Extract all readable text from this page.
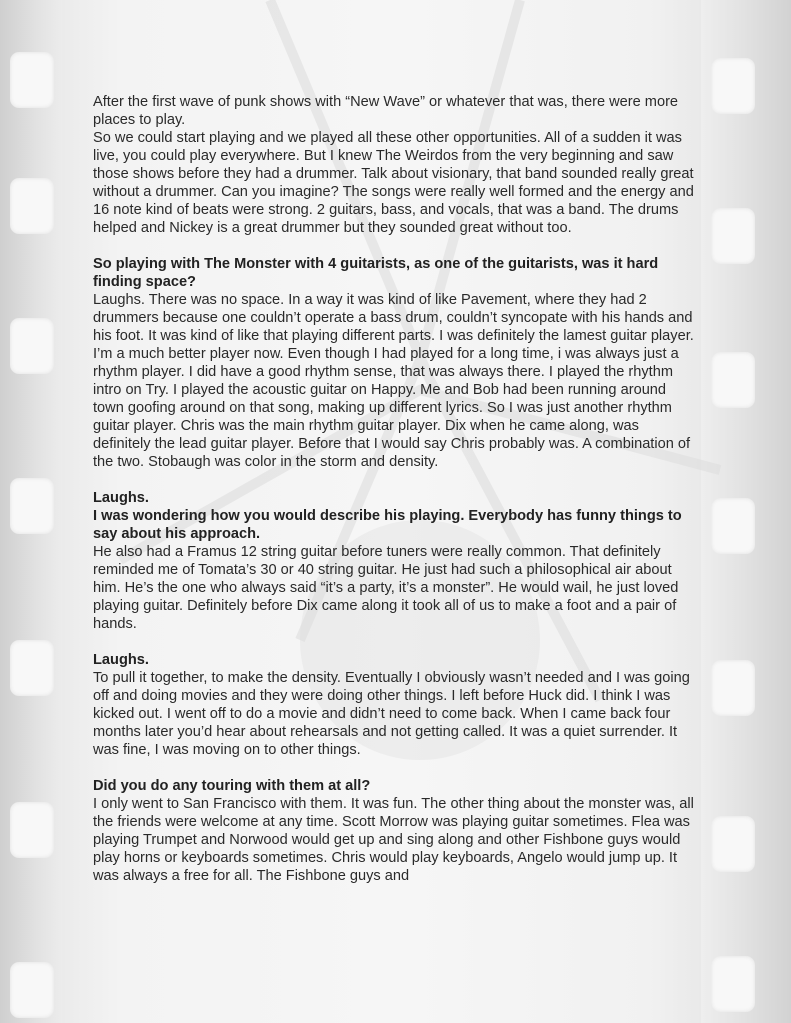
After the first wave of punk shows with “New Wave” or whatever that was, there were more places to play.

So we could start playing and we played all these other opportunities. All of a sudden it was live, you could play everywhere. But I knew The Weirdos from the very beginning and saw those shows before they had a drummer. Talk about visionary, that band sounded really great without a drummer. Can you imagine? The songs were really well formed and the energy and 16 note kind of beats were strong. 2 guitars, bass, and vocals, that was a band. The drums helped and Nickey is a great drummer but they sounded great without too.

So playing with The Monster with 4 guitarists, as one of the guitarists, was it hard finding space?

Laughs. There was no space. In a way it was kind of like Pavement, where they had 2 drummers because one couldn’t operate a bass drum, couldn’t syncopate with his hands and his foot. It was kind of like that playing different parts. I was definitely the lamest guitar player. I’m a much better player now. Even though I had played for a long time, i was always just a rhythm player. I did have a good rhythm sense, that was always there. I played the rhythm intro on Try. I played the acoustic guitar on Happy. Me and Bob had been running around town goofing around on that song, making up different lyrics. So I was just another rhythm guitar player. Chris was the main rhythm guitar player. Dix when he came along, was definitely the lead guitar player. Before that I would say Chris probably was. A combination of the two. Stobaugh was color in the storm and density.

Laughs.

I was wondering how you would describe his playing. Everybody has funny things to say about his approach.

He also had a Framus 12 string guitar before tuners were really common. That definitely reminded me of Tomata’s 30 or 40 string guitar. He just had such a philosophical air about him. He’s the one who always said “it’s a party, it’s a monster”. He would wail, he just loved playing guitar. Definitely before Dix came along it took all of us to make a foot and a pair of hands.

Laughs.

To pull it together, to make the density. Eventually I obviously wasn’t needed and I was going off and doing movies and they were doing other things. I left before Huck did. I think I was kicked out. I went off to do a movie and didn’t need to come back. When I came back four months later you’d hear about rehearsals and not getting called. It was a quiet surrender. It was fine, I was moving on to other things.

Did you do any touring with them at all?

I only went to San Francisco with them. It was fun. The other thing about the monster was, all the friends were welcome at any time. Scott Morrow was playing guitar sometimes. Flea was playing Trumpet and Norwood would get up and sing along and other Fishbone guys would play horns or keyboards sometimes. Chris would play keyboards, Angelo would jump up. It was always a free for all. The Fishbone guys and
